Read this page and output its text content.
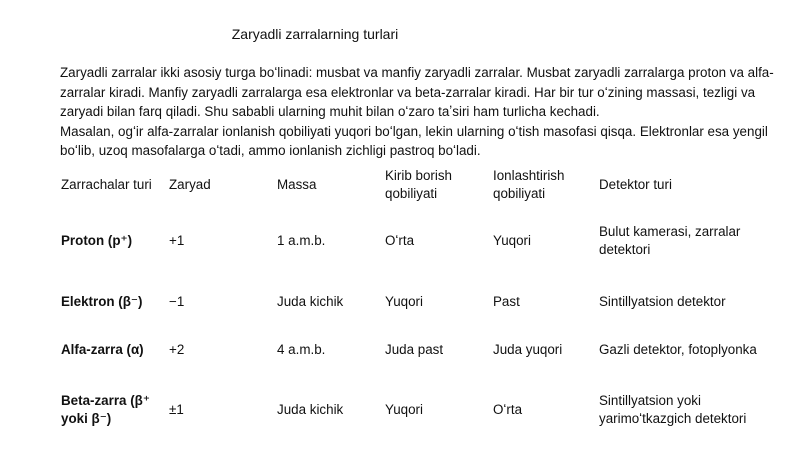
Zaryadli zarralarning turlari

Zaryadli zarralar ikki asosiy turga boʻlinadi: musbat va manfiy zaryadli zarralar. Musbat zaryadli zarralarga proton va alfa-zarralar kiradi. Manfiy zaryadli zarralarga esa elektronlar va beta-zarralar kiradi. Har bir tur oʻzining massasi, tezligi va zaryadi bilan farq qiladi. Shu sababli ularning muhit bilan oʻzaro taʼsiri ham turlicha kechadi.

Masalan, ogʻir alfa-zarralar ionlanish qobiliyati yuqori boʻlgan, lekin ularning oʻtish masofasi qisqa. Elektronlar esa yengil boʻlib, uzoq masofalarga oʻtadi, ammo ionlanish zichligi pastroq boʻladi.

Zarrachalar turi	Zaryad	Massa	Kirib borish qobiliyati	Ionlashtirish qobiliyati	Detektor turi
Proton (p⁺)	+1	1 a.m.b.	Oʻrta	Yuqori	Bulut kamerasi, zarralar detektori
Elektron (β⁻)	−1	Juda kichik	Yuqori	Past	Sintillyatsion detektor
Alfa-zarra (α)	+2	4 a.m.b.	Juda past	Juda yuqori	Gazli detektor, fotoplyonka
Beta-zarra (β⁺ yoki β⁻)	±1	Juda kichik	Yuqori	Oʻrta	Sintillyatsion yoki yarimoʻtkazgich detektori
